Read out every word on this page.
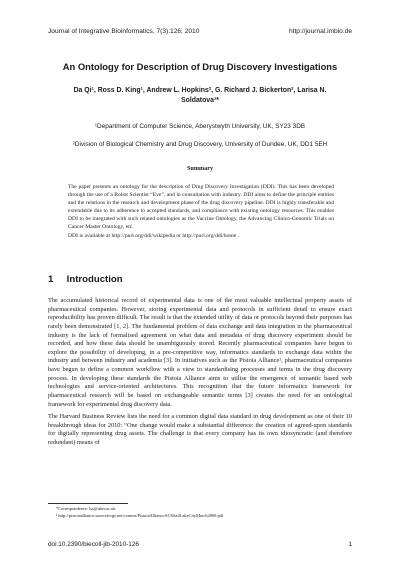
Journal of Integrative Bioinformatics, 7(3):126, 2010	http://journal.imbio.de
An Ontology for Description of Drug Discovery Investigations
Da Qi¹, Ross D. King¹, Andrew L. Hopkins², G. Richard J. Bickerton², Larisa N. Soldatova¹*
¹Department of Computer Science, Aberystwyth University, UK, SY23 3DB
²Division of Biological Chemistry and Drug Discovery, University of Dundee, UK, DD1 5EH
Summary

The paper presents an ontology for the description of Drug Discovery Investigation (DDI). This has been developed through the use of a Robot Scientist “Eve”, and in consultation with industry. DDI aims to define the principle entities and the relations in the research and development phase of the drug discovery pipeline. DDI is highly transferable and extendable due to its adherence to accepted standards, and compliance with existing ontology resources. This enables DDI to be integrated with such related ontologies as the Vaccine Ontology, the Advancing Clinico-Genomic Trials on Cancer Master Ontology, etc.

DDI is available at http://purl.org/ddi/wikipedia or http://purl.org/ddi/home .

1 Introduction

The accumulated historical record of experimental data is one of the most valuable intellectual property assets of pharmaceutical companies. However, storing experimental data and protocols in sufficient detail to ensure exact reproducibility has proven difficult. The result is that the extended utility of data or protocols beyond their purposes has rarely been demonstrated [1, 2]. The fundamental problem of data exchange and data integration in the pharmaceutical industry is the lack of formalised agreement on what data and metadata of drug discovery experiment should be recorded, and how these data should be unambiguously stored. Recently pharmaceutical companies have begun to explore the possibility of developing, in a pre-competitive way, informatics standards to exchange data within the industry and between industry and academia [3]. In initiatives such as the Pistoia Alliance¹, pharmaceutical companies have begun to define a common workflow with a view to standardising processes and terms in the drug discovery process. In developing these standards the Pistoia Alliance aims to utilise the emergence of semantic based web technologies and service-oriented architectures. This recognition that the future informatics framework for pharmaceutical research will be based on exchangeable semantic terms [3] creates the need for an ontological framework for experimental drug discovery data.

The Harvard Business Review lists the need for a common digital data standard in drug development as one of their 10 breakthrough ideas for 2010: “One change would make a substantial difference: the creation of agreed-upon standards for digitally representing drug assets. The challenge is that every company has its own idiosyncratic (and therefore redundant) means of

*Correspondence: lss@aber.ac.uk
¹ http://pistoiaalliance.sourceforge.net/comms/PistoiaAllianceACSSaltLakeCityMarch2009.pdf
doi:10.2390/biecoll-jib-2010-126	1
